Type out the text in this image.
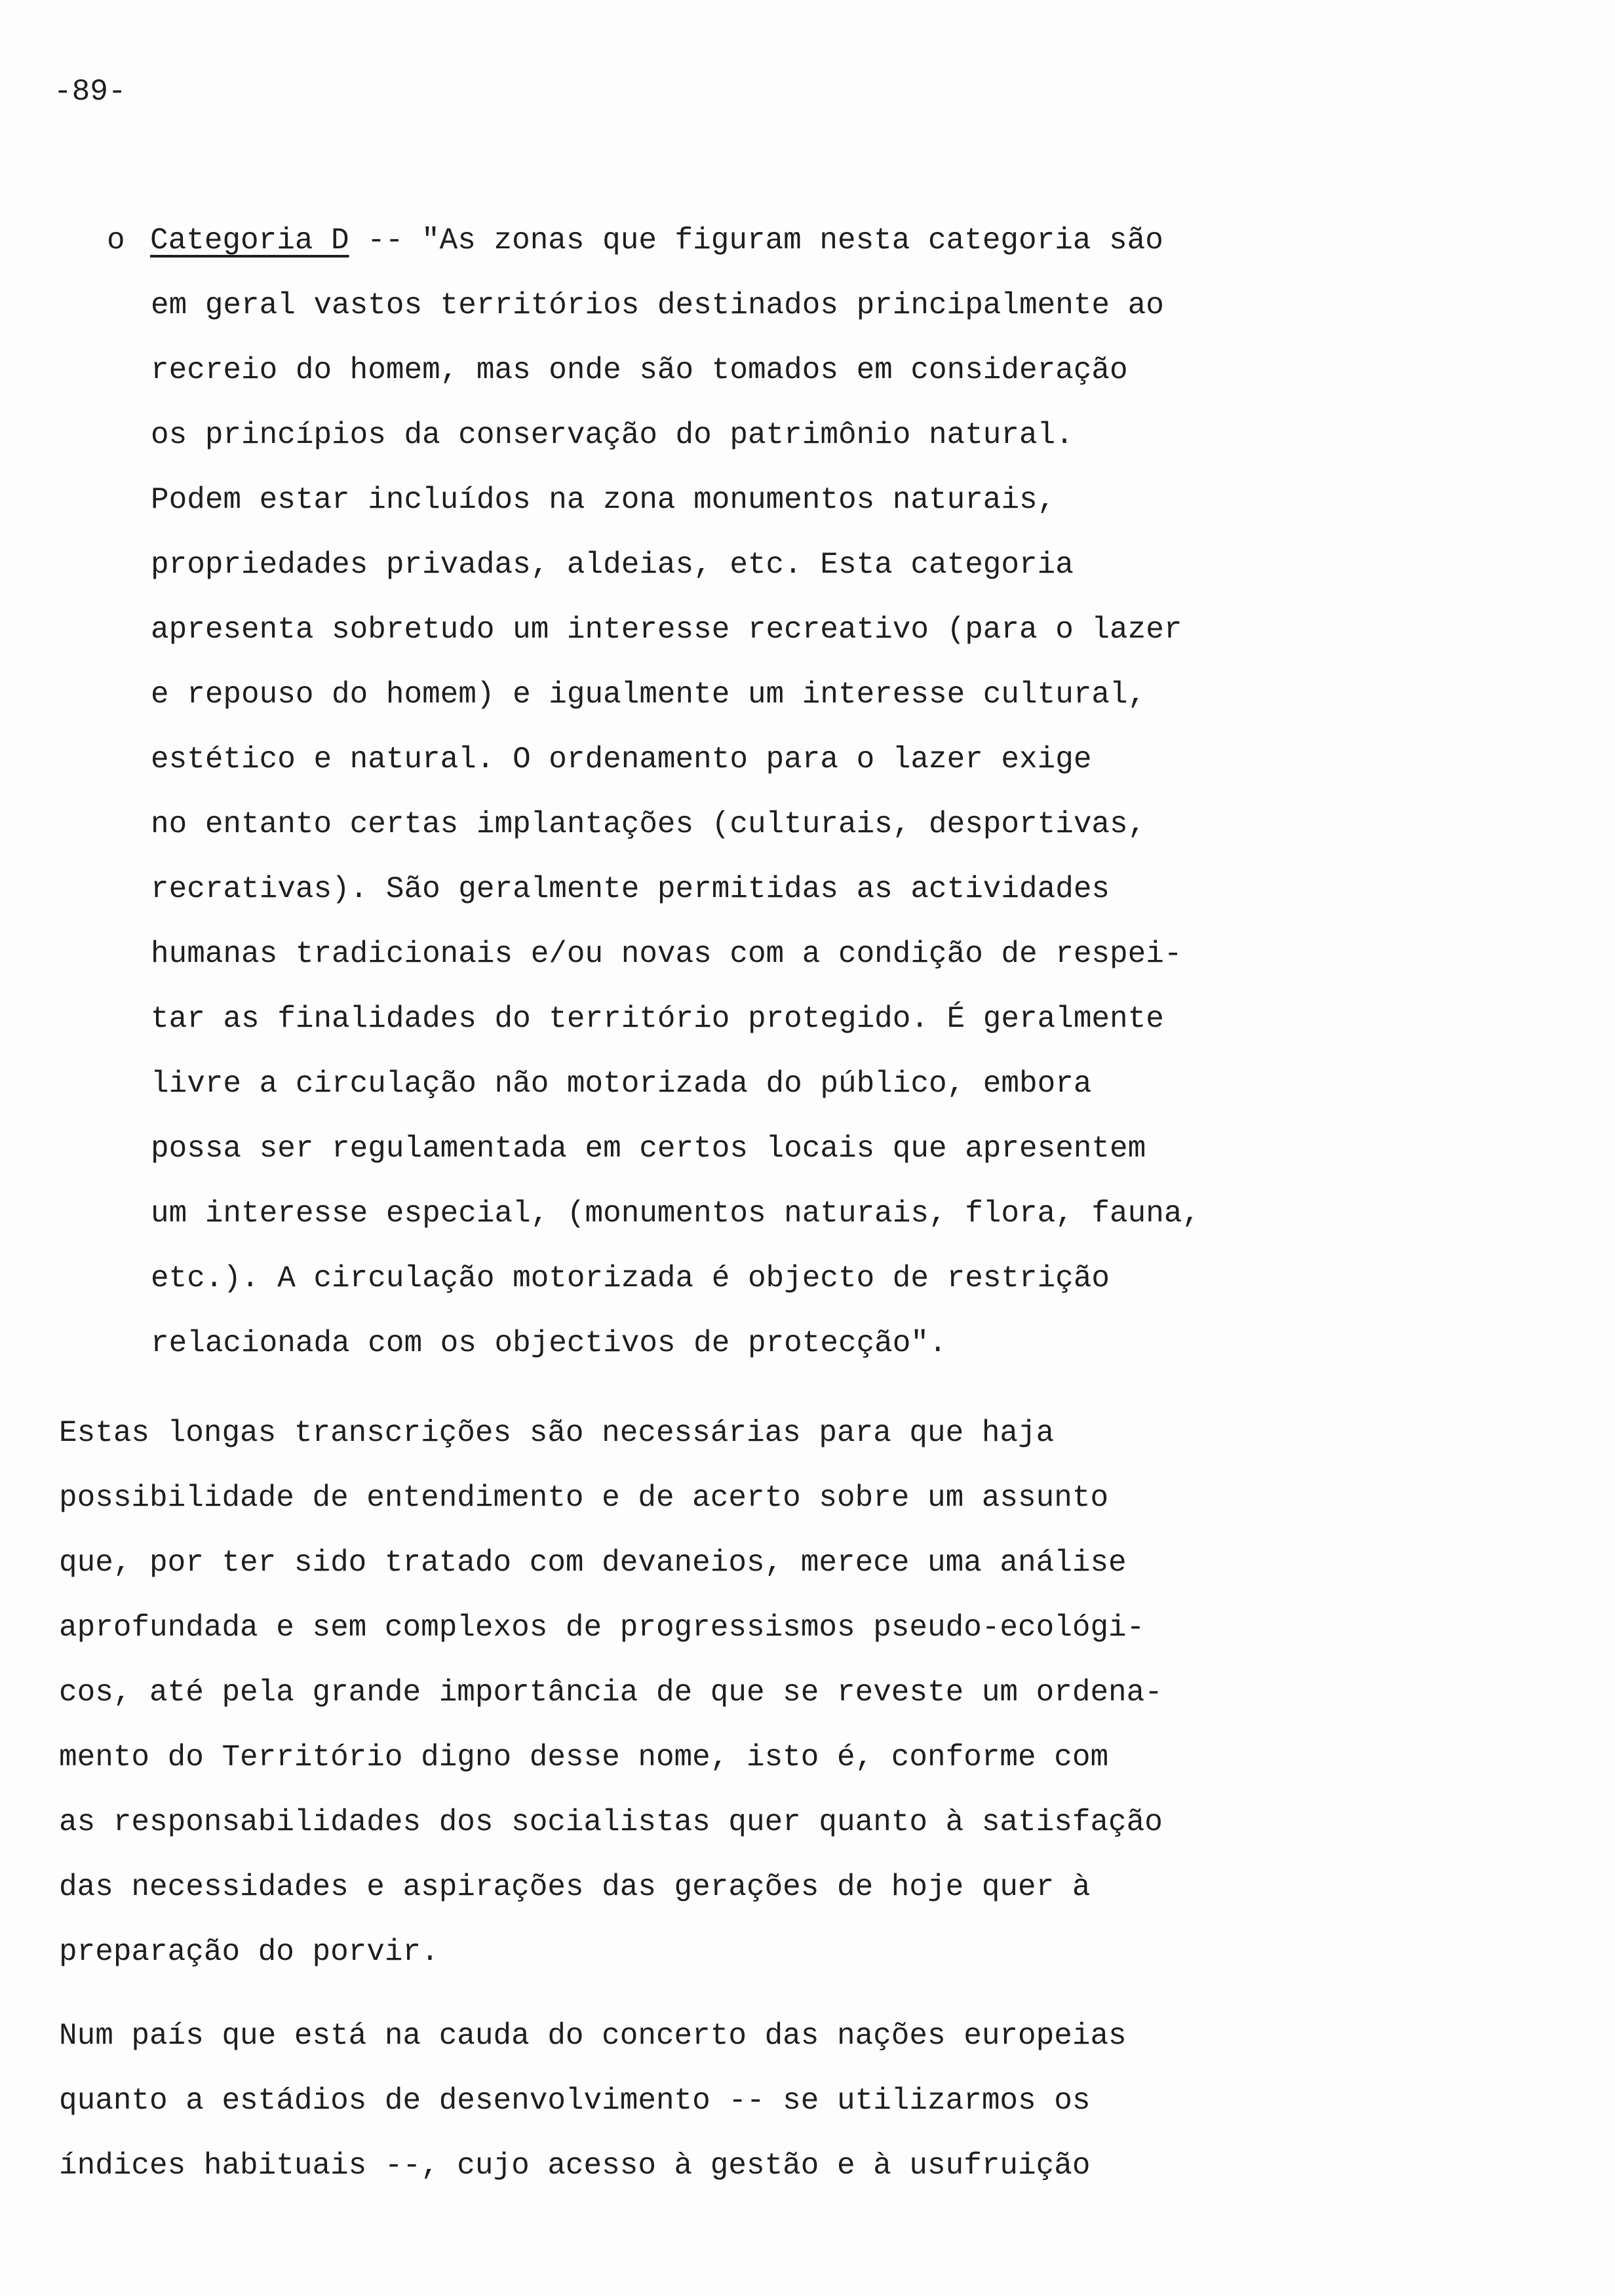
-89-
o Categoria D -- "As zonas que figuram nesta categoria são
em geral vastos territórios destinados principalmente ao
recreio do homem, mas onde são tomados em consideração
os princípios da conservação do patrimônio natural.
Podem estar incluídos na zona monumentos naturais,
propriedades privadas, aldeias, etc. Esta categoria
apresenta sobretudo um interesse recreativo (para o lazer
e repouso do homem) e igualmente um interesse cultural,
estético e natural. O ordenamento para o lazer exige
no entanto certas implantações (culturais, desportivas,
recrativas). São geralmente permitidas as actividades
humanas tradicionais e/ou novas com a condição de respei-
tar as finalidades do território protegido. É geralmente
livre a circulação não motorizada do público, embora
possa ser regulamentada em certos locais que apresentem
um interesse especial, (monumentos naturais, flora, fauna,
etc.). A circulação motorizada é objecto de restrição
relacionada com os objectivos de protecção".
Estas longas transcrições são necessárias para que haja
possibilidade de entendimento e de acerto sobre um assunto
que, por ter sido tratado com devaneios, merece uma análise
aprofundada e sem complexos de progressismos pseudo-ecológi-
cos, até pela grande importância de que se reveste um ordena-
mento do Território digno desse nome, isto é, conforme com
as responsabilidades dos socialistas quer quanto à satisfação
das necessidades e aspirações das gerações de hoje quer à
preparação do porvir.
Num país que está na cauda do concerto das nações europeias
quanto a estádios de desenvolvimento -- se utilizarmos os
índices habituais --, cujo acesso à gestão e à usufruição
